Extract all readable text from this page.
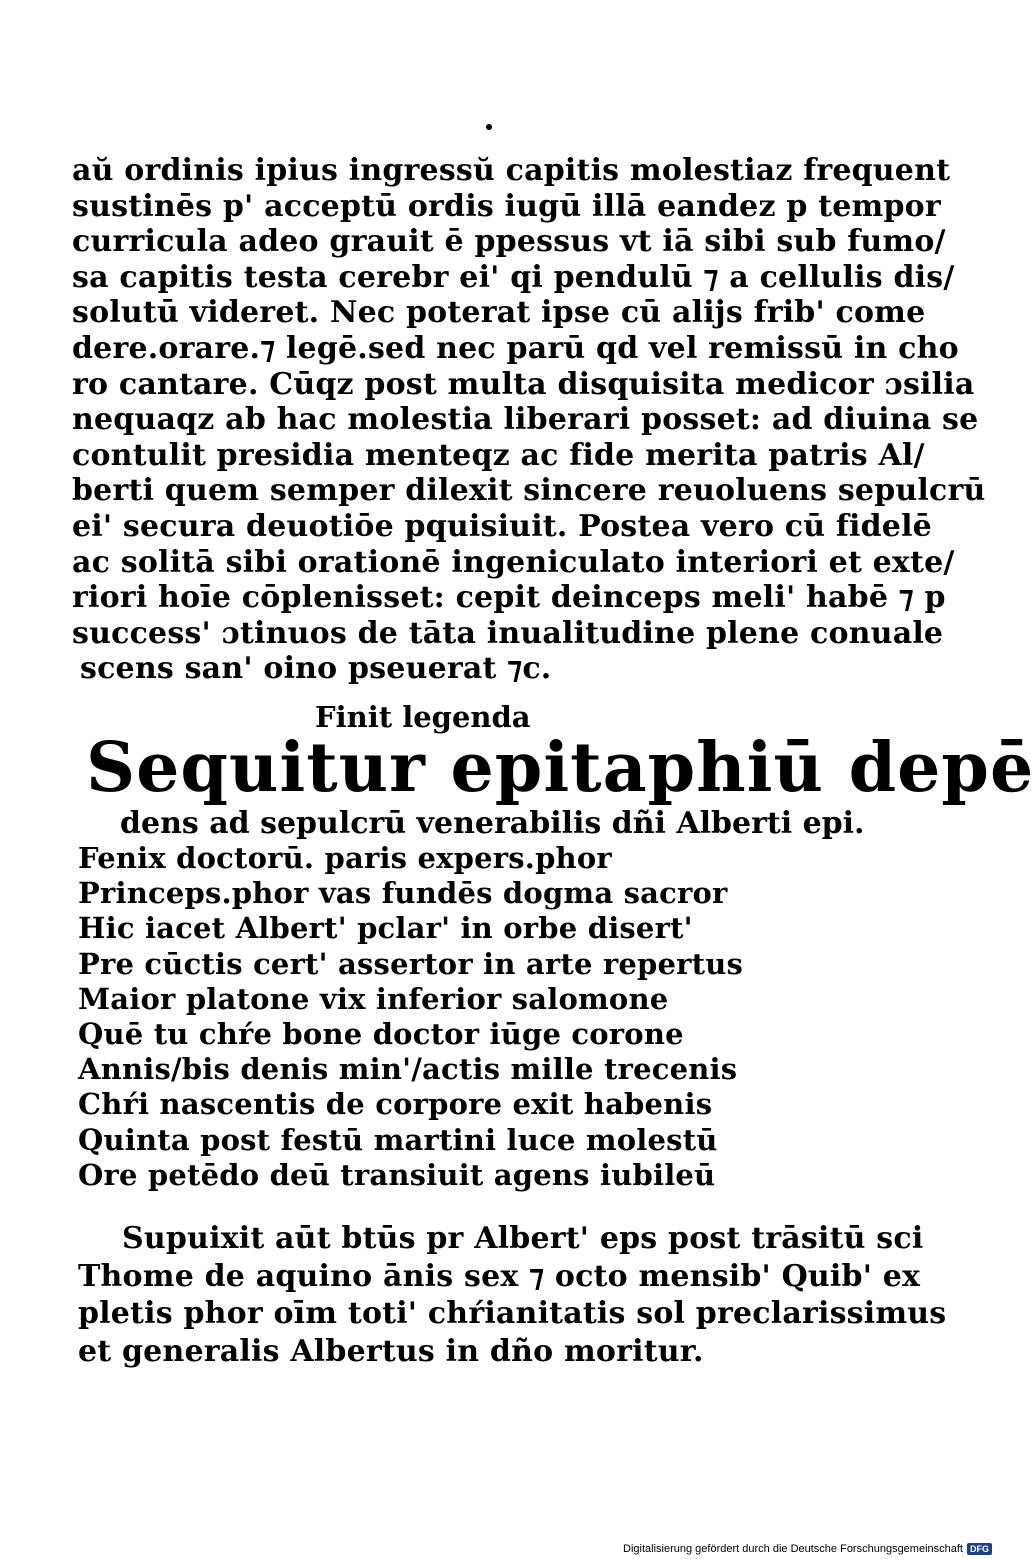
aŭ ordinis ipius ingressŭ capitis molestiaz frequent
sustinēs p' acceptū ordis iugū illā eandez p tempor
curricula adeo grauit ē ppessus vt iā sibi sub fumo/
sa capitis testa cerebr ei' qi pendulū ⁊ a cellulis dis/
solutū videret. Nec poterat ipse cū alijs frib' come
dere.orare.⁊ legē.sed nec parū qd vel remissū in cho
ro cantare. Cūqz post multa disquisita medicor ɔsilia
nequaqz ab hac molestia liberari posset: ad diuina se
contulit presidia menteqz ac fide merita patris Al/
berti quem semper dilexit sincere reuoluens sepulcrū
ei' secura deuotiōe pquisiuit. Postea vero cū fidelē
ac solitā sibi orationē ingeniculato interiori et exte/
riori hoīe cōplenisset: cepit deinceps meli' habē ⁊ p
success' ɔtinuos de tāta inualitudine plene conuale
scens san' oino pseuerat ⁊c.
Finit legenda
Sequitur epitaphiū depē
dens ad sepulcrū venerabilis dñi Alberti epi.
Fenix doctorū. paris expers.phor
Princeps.phor vas fundēs dogma sacror
Hic iacet Albert' pclar' in orbe disert'
Pre cūctis cert' assertor in arte repertus
Maior platone vix inferior salomone
Quē tu chŕe bone doctor iūge corone
Annis/bis denis min'/actis mille trecenis
Chŕi nascentis de corpore exit habenis
Quinta post festū martini luce molestū
Ore petēdo deū transiuit agens iubileū
Supuixit aūt btūs pr Albert' eps post trāsitū sci
Thome de aquino ānis sex ⁊ octo mensib' Quib' ex
pletis phor oīm toti' chŕianitatis sol preclarissimus
et generalis Albertus in dño moritur.
Digitalisierung gefördert durch die Deutsche Forschungsgemeinschaft DFG
